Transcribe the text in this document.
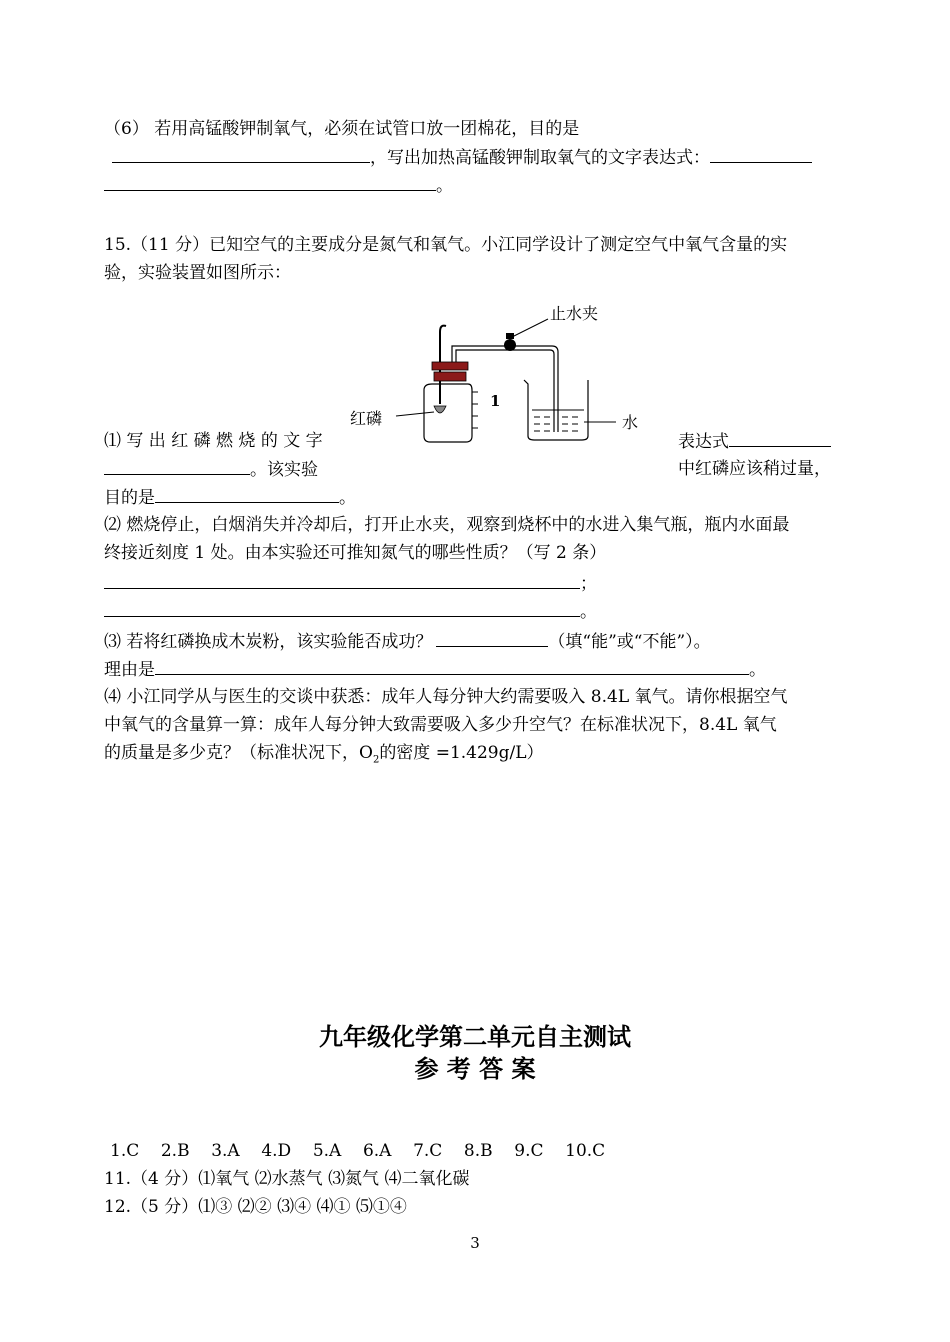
（6） 若用高锰酸钾制氧气，必须在试管口放一团棉花，目的是
，写出加热高锰酸钾制取氧气的文字表达式：
。
15.（11 分）已知空气的主要成分是氮气和氧气。小江同学设计了测定空气中氧气含量的实
验，实验装置如图所示：
止水夹
1
红磷	水
⑴ 写 出 红 磷 燃 烧 的 文 字	表达式
。该实验	中红磷应该稍过量，
目的是	。
⑵ 燃烧停止，白烟消失并冷却后，打开止水夹，观察到烧杯中的水进入集气瓶，瓶内水面最
终接近刻度 1 处。由本实验还可推知氮气的哪些性质？（写 2 条）
；
。
⑶ 若将红磷换成木炭粉，该实验能否成功？	（填“能”或“不能”）。
理由是	。
⑷ 小江同学从与医生的交谈中获悉：成年人每分钟大约需要吸入 8.4L 氧气。请你根据空气
中氧气的含量算一算：成年人每分钟大致需要吸入多少升空气？在标准状况下，8.4L 氧气
的质量是多少克？（标准状况下，$O_2$的密度 =1.429g/L）
九年级化学第二单元自主测试
参 考 答 案
1.C 2.B 3.A 4.D 5.A 6.A 7.C 8.B 9.C 10.C
11.（4 分）⑴氧气 ⑵水蒸气 ⑶氮气 ⑷二氧化碳
12.（5 分）⑴③ ⑵② ⑶④ ⑷① ⑸①④
3
